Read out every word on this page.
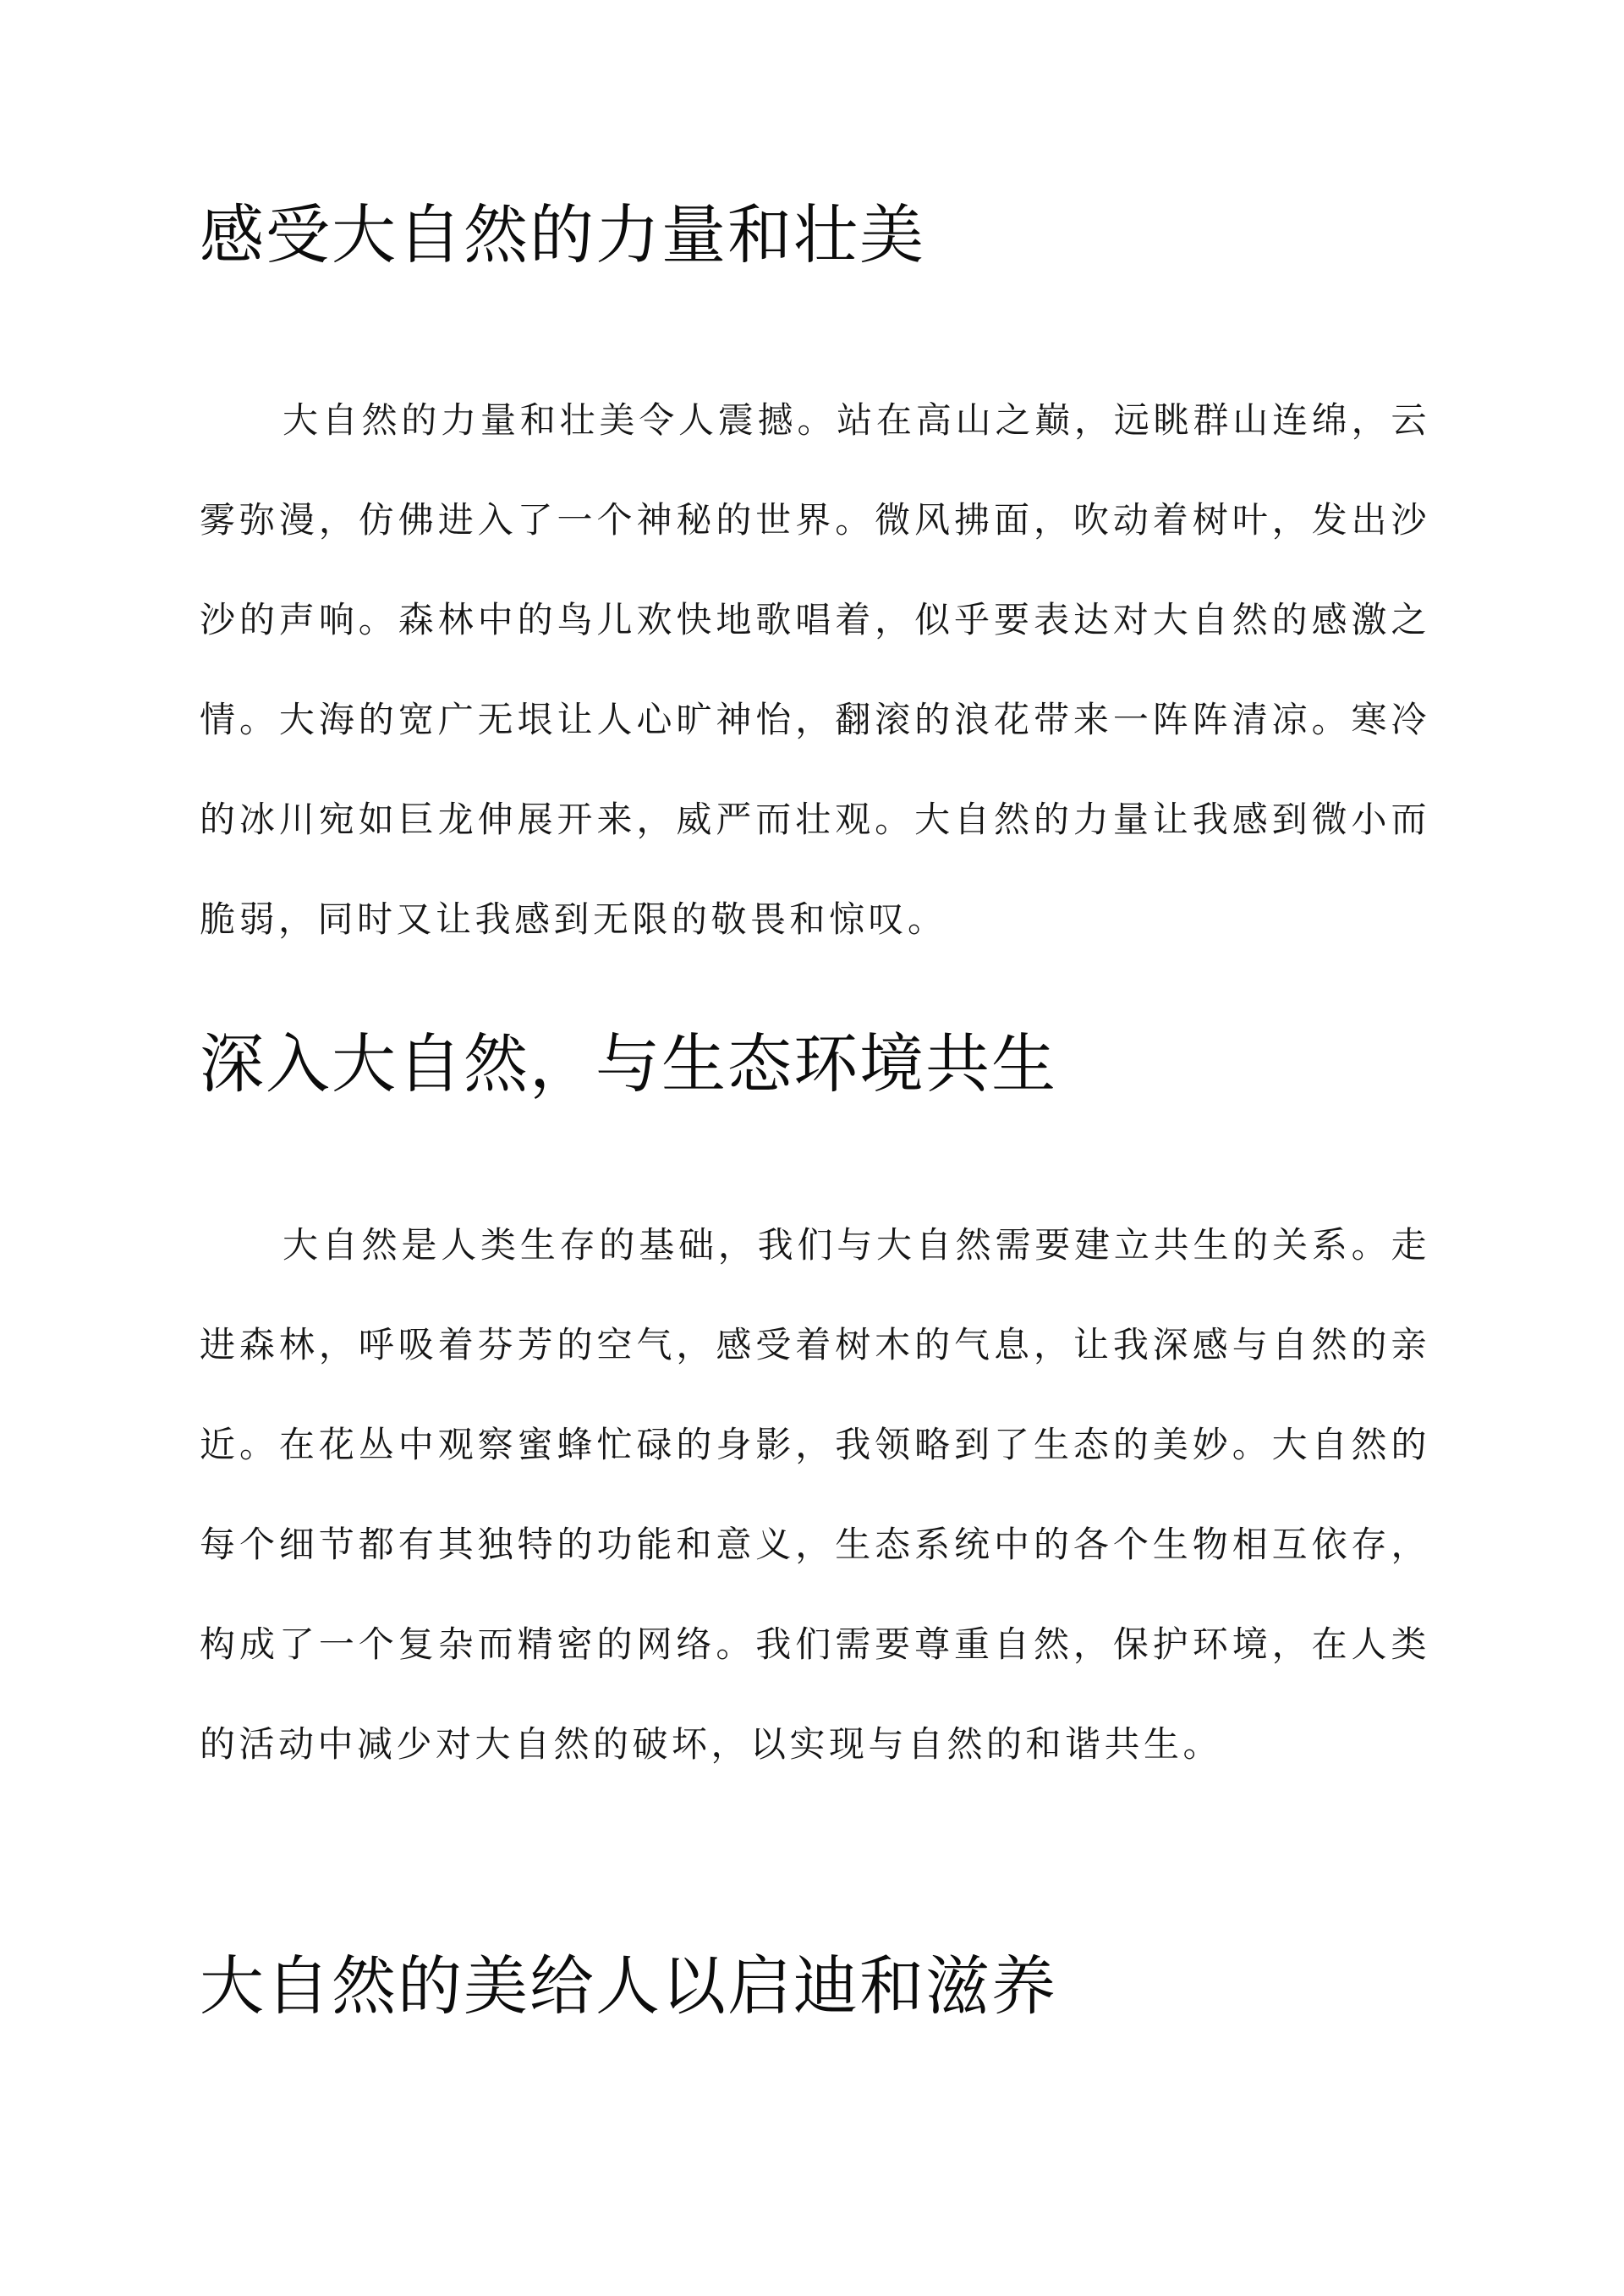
感受大自然的力量和壮美

大自然的力量和壮美令人震撼。站在高山之巅，远眺群山连绵，云雾弥漫，仿佛进入了一个神秘的世界。微风拂面，吹动着树叶，发出沙沙的声响。森林中的鸟儿欢快地歌唱着，似乎要表达对大自然的感激之情。大海的宽广无垠让人心旷神怡，翻滚的浪花带来一阵阵清凉。寒冷的冰川宛如巨龙伸展开来，威严而壮观。大自然的力量让我感到微小而脆弱，同时又让我感到无限的敬畏和惊叹。

深入大自然，与生态环境共生

大自然是人类生存的基础，我们与大自然需要建立共生的关系。走进森林，呼吸着芬芳的空气，感受着树木的气息，让我深感与自然的亲近。在花丛中观察蜜蜂忙碌的身影，我领略到了生态的美妙。大自然的每个细节都有其独特的功能和意义，生态系统中的各个生物相互依存，构成了一个复杂而精密的网络。我们需要尊重自然，保护环境，在人类的活动中减少对大自然的破坏，以实现与自然的和谐共生。

大自然的美给人以启迪和滋养
